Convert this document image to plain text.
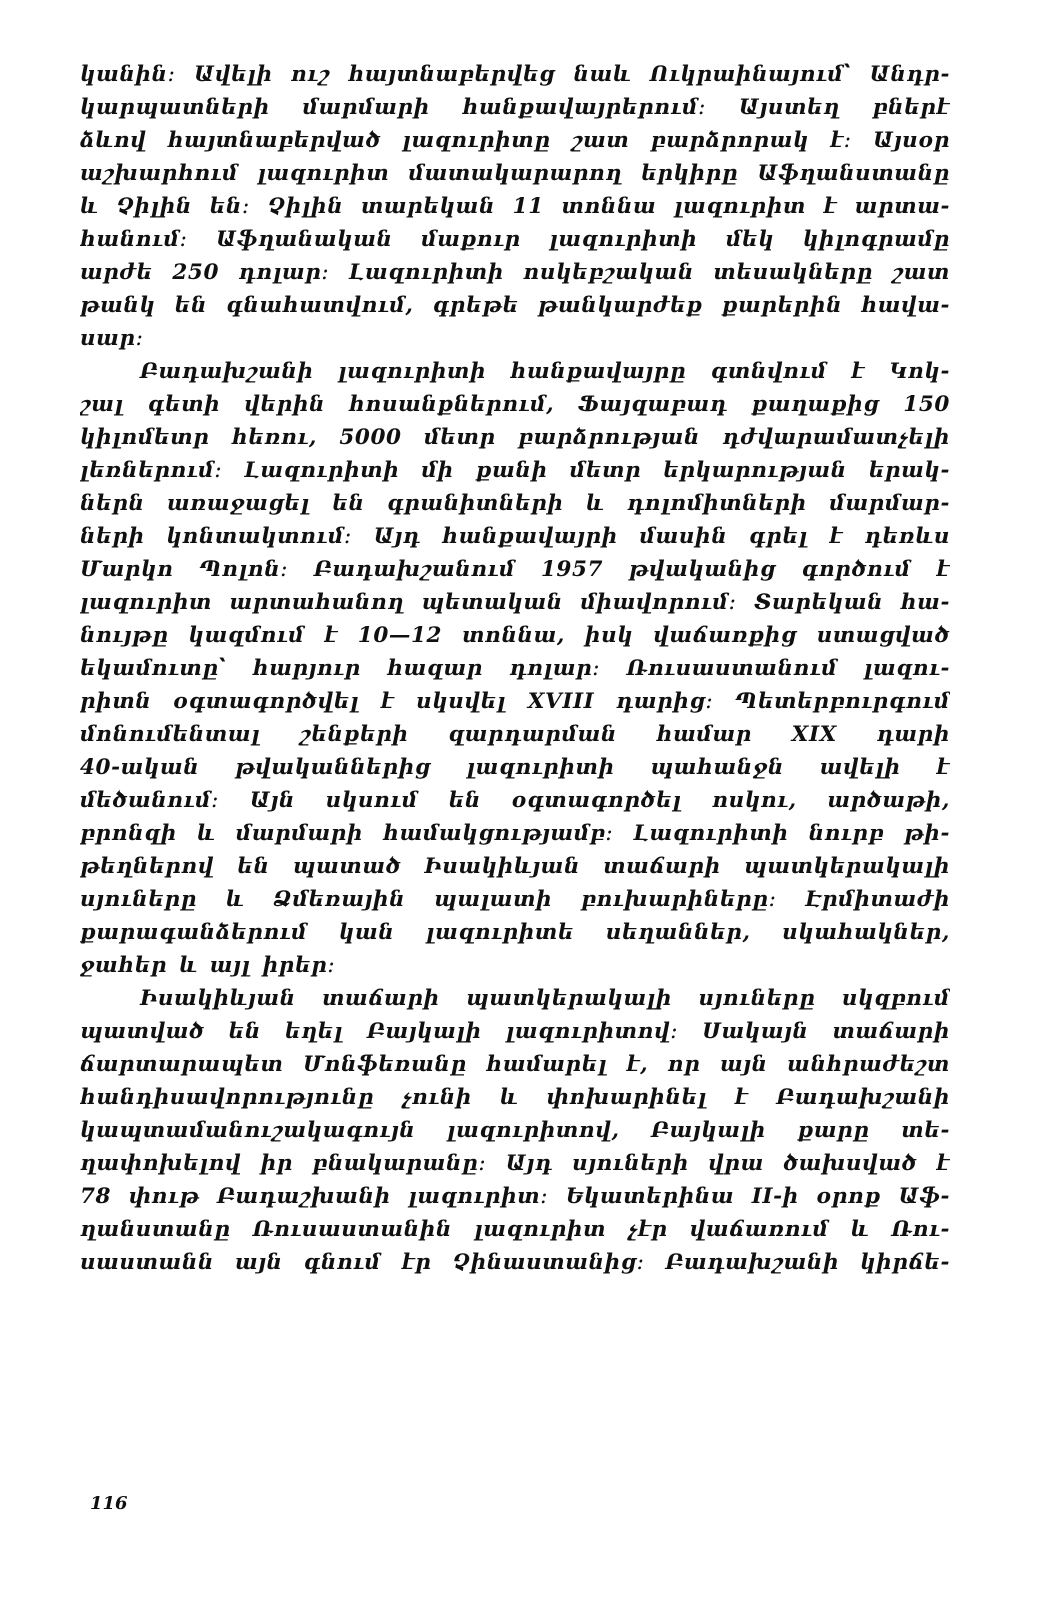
կանին։ Ավելի ուշ հայտնաբերվեց նաև Ուկրաինայում՝ Անդր-
կարպատների մարմարի հանքավայրերում։ Այստեղ բներէ
ձևով հայտնաբերված լազուրիտը շատ բարձրորակ է։ Այսօր
աշխարհում լազուրիտ մատակարարող երկիրը Աֆղանստանը
և Չիլին են։ Չիլին տարեկան 11 տոննա լազուրիտ է արտա-
հանում։ Աֆղանական մաքուր լազուրիտի մեկ կիլոգրամը
արժե 250 դոլար։ Լազուրիտի ոսկեբշական տեսակները շատ
թանկ են գնահատվում, գրեթե թանկարժեք քարերին հավա-
սար։
Բադախշանի լազուրիտի հանքավայրը գտնվում է Կոկ-
շալ գետի վերին հոսանքներում, Ֆայզաբադ քաղաքից 150
կիլոմետր հեռու, 5000 մետր բարձրության դժվարամատչելի
լեռներում։ Լազուրիտի մի քանի մետր երկարության երակ-
ներն առաջացել են գրանիտների և դոլոմիտների մարմար-
ների կոնտակտում։ Այդ հանքավայրի մասին գրել է դեռևս
Մարկո Պոլոն։ Բադախշանում 1957 թվականից գործում է
լազուրիտ արտահանող պետական միավորում։ Տարեկան հա-
նույթը կազմում է 10—12 տոննա, իսկ վաճառքից ստացված
եկամուտը՝ հարյուր հազար դոլար։ Ռուսաստանում լազու-
րիտն օգտագործվել է սկսվել XVIII դարից։ Պետերբուրգում
մոնումենտալ շենքերի զարդարման համար XIX դարի
40-ական թվականներից լազուրիտի պահանջն ավելի է
մեծանում։ Այն սկսում են օգտագործել ոսկու, արծաթի,
բրոնզի և մարմարի համակցությամբ։ Լազուրիտի նուրբ թի-
թեղներով են պատած Իսակիևյան տաճարի պատկերակալի
սյուները և Ձմեռային պալատի բուխարիները։ Էրմիտաժի
քարագանձերում կան լազուրիտե սեղաններ, սկահակներ,
ջահեր և այլ իրեր։
Իսակիևյան տաճարի պատկերակալի սյուները սկզբում
պատված են եղել Բայկալի լազուրիտով։ Սակայն տաճարի
ճարտարապետ Մոնֆեռանը համարել է, որ այն անհրաժեշտ
հանդիսավորությունը չունի և փոխարինել է Բադախշանի
կապտամանուշակագույն լազուրիտով, Բայկալի քարը տե-
ղափոխելով իր բնակարանը։ Այդ սյուների վրա ծախսված է
78 փութ Բադաշխանի լազուրիտ։ Եկատերինա II-ի օրոք Աֆ-
ղանստանը Ռուսաստանին լազուրիտ չէր վաճառում և Ռու-
սաստանն այն գնում էր Չինաստանից։ Բադախշանի կիրճե-
116
